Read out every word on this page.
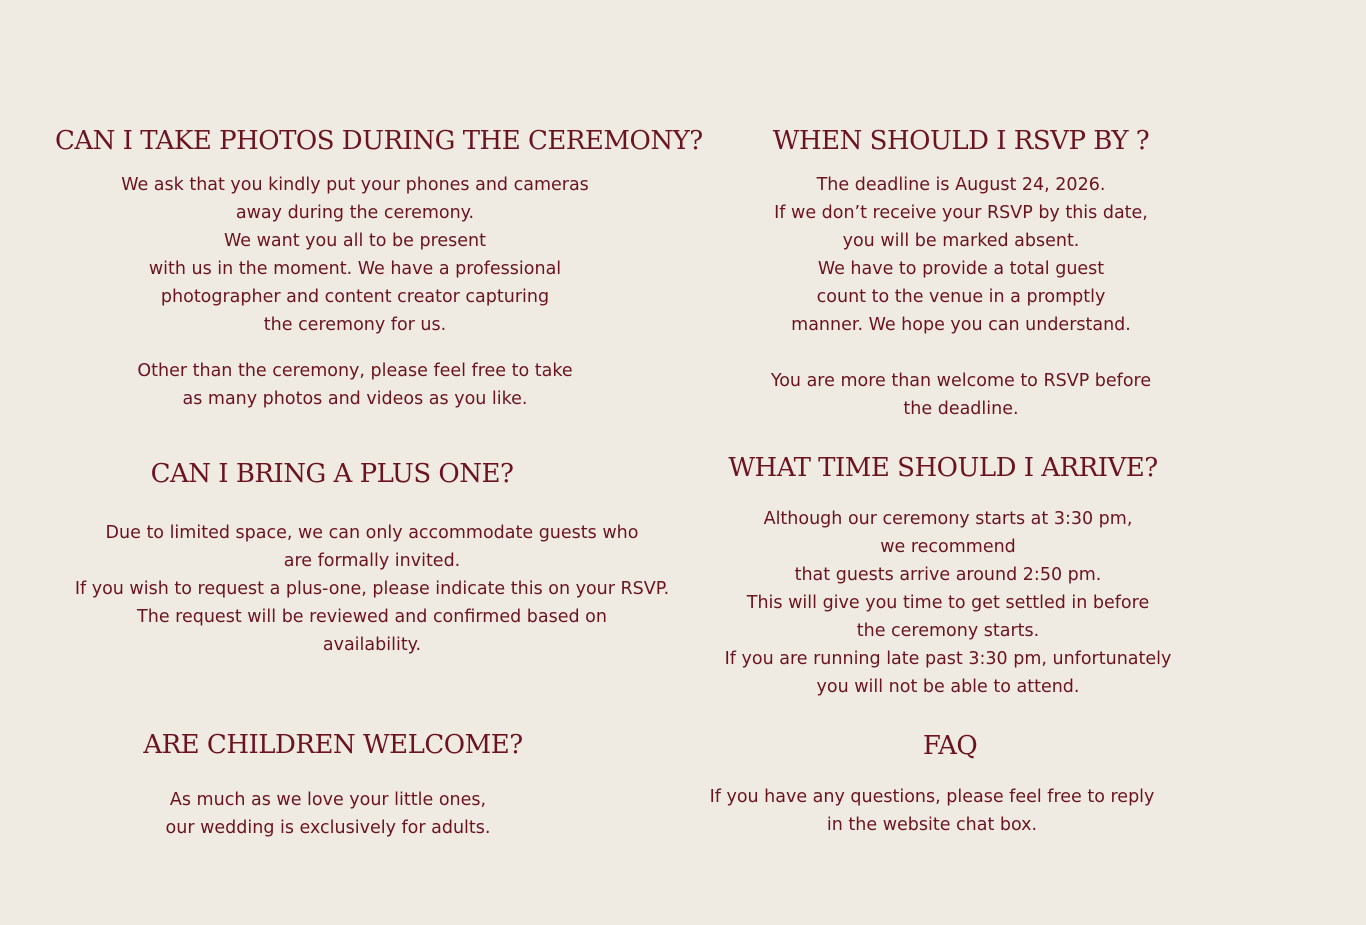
CAN I TAKE PHOTOS DURING THE CEREMONY?

We ask that you kindly put your phones and cameras
away during the ceremony.
We want you all to be present
with us in the moment. We have a professional
photographer and content creator capturing
the ceremony for us.

Other than the ceremony, please feel free to take
as many photos and videos as you like.

CAN I BRING A PLUS ONE?

Due to limited space, we can only accommodate guests who
are formally invited.
If you wish to request a plus-one, please indicate this on your RSVP.
The request will be reviewed and confirmed based on
availability.

ARE CHILDREN WELCOME?

As much as we love your little ones,
our wedding is exclusively for adults.

WHEN SHOULD I RSVP BY ?

The deadline is August 24, 2026.
If we don’t receive your RSVP by this date,
you will be marked absent.
We have to provide a total guest
count to the venue in a promptly
manner. We hope you can understand.

You are more than welcome to RSVP before
the deadline.

WHAT TIME SHOULD I ARRIVE?

Although our ceremony starts at 3:30 pm,
we recommend
that guests arrive around 2:50 pm.
This will give you time to get settled in before
the ceremony starts.
If you are running late past 3:30 pm, unfortunately
you will not be able to attend.

FAQ

If you have any questions, please feel free to reply
in the website chat box.
